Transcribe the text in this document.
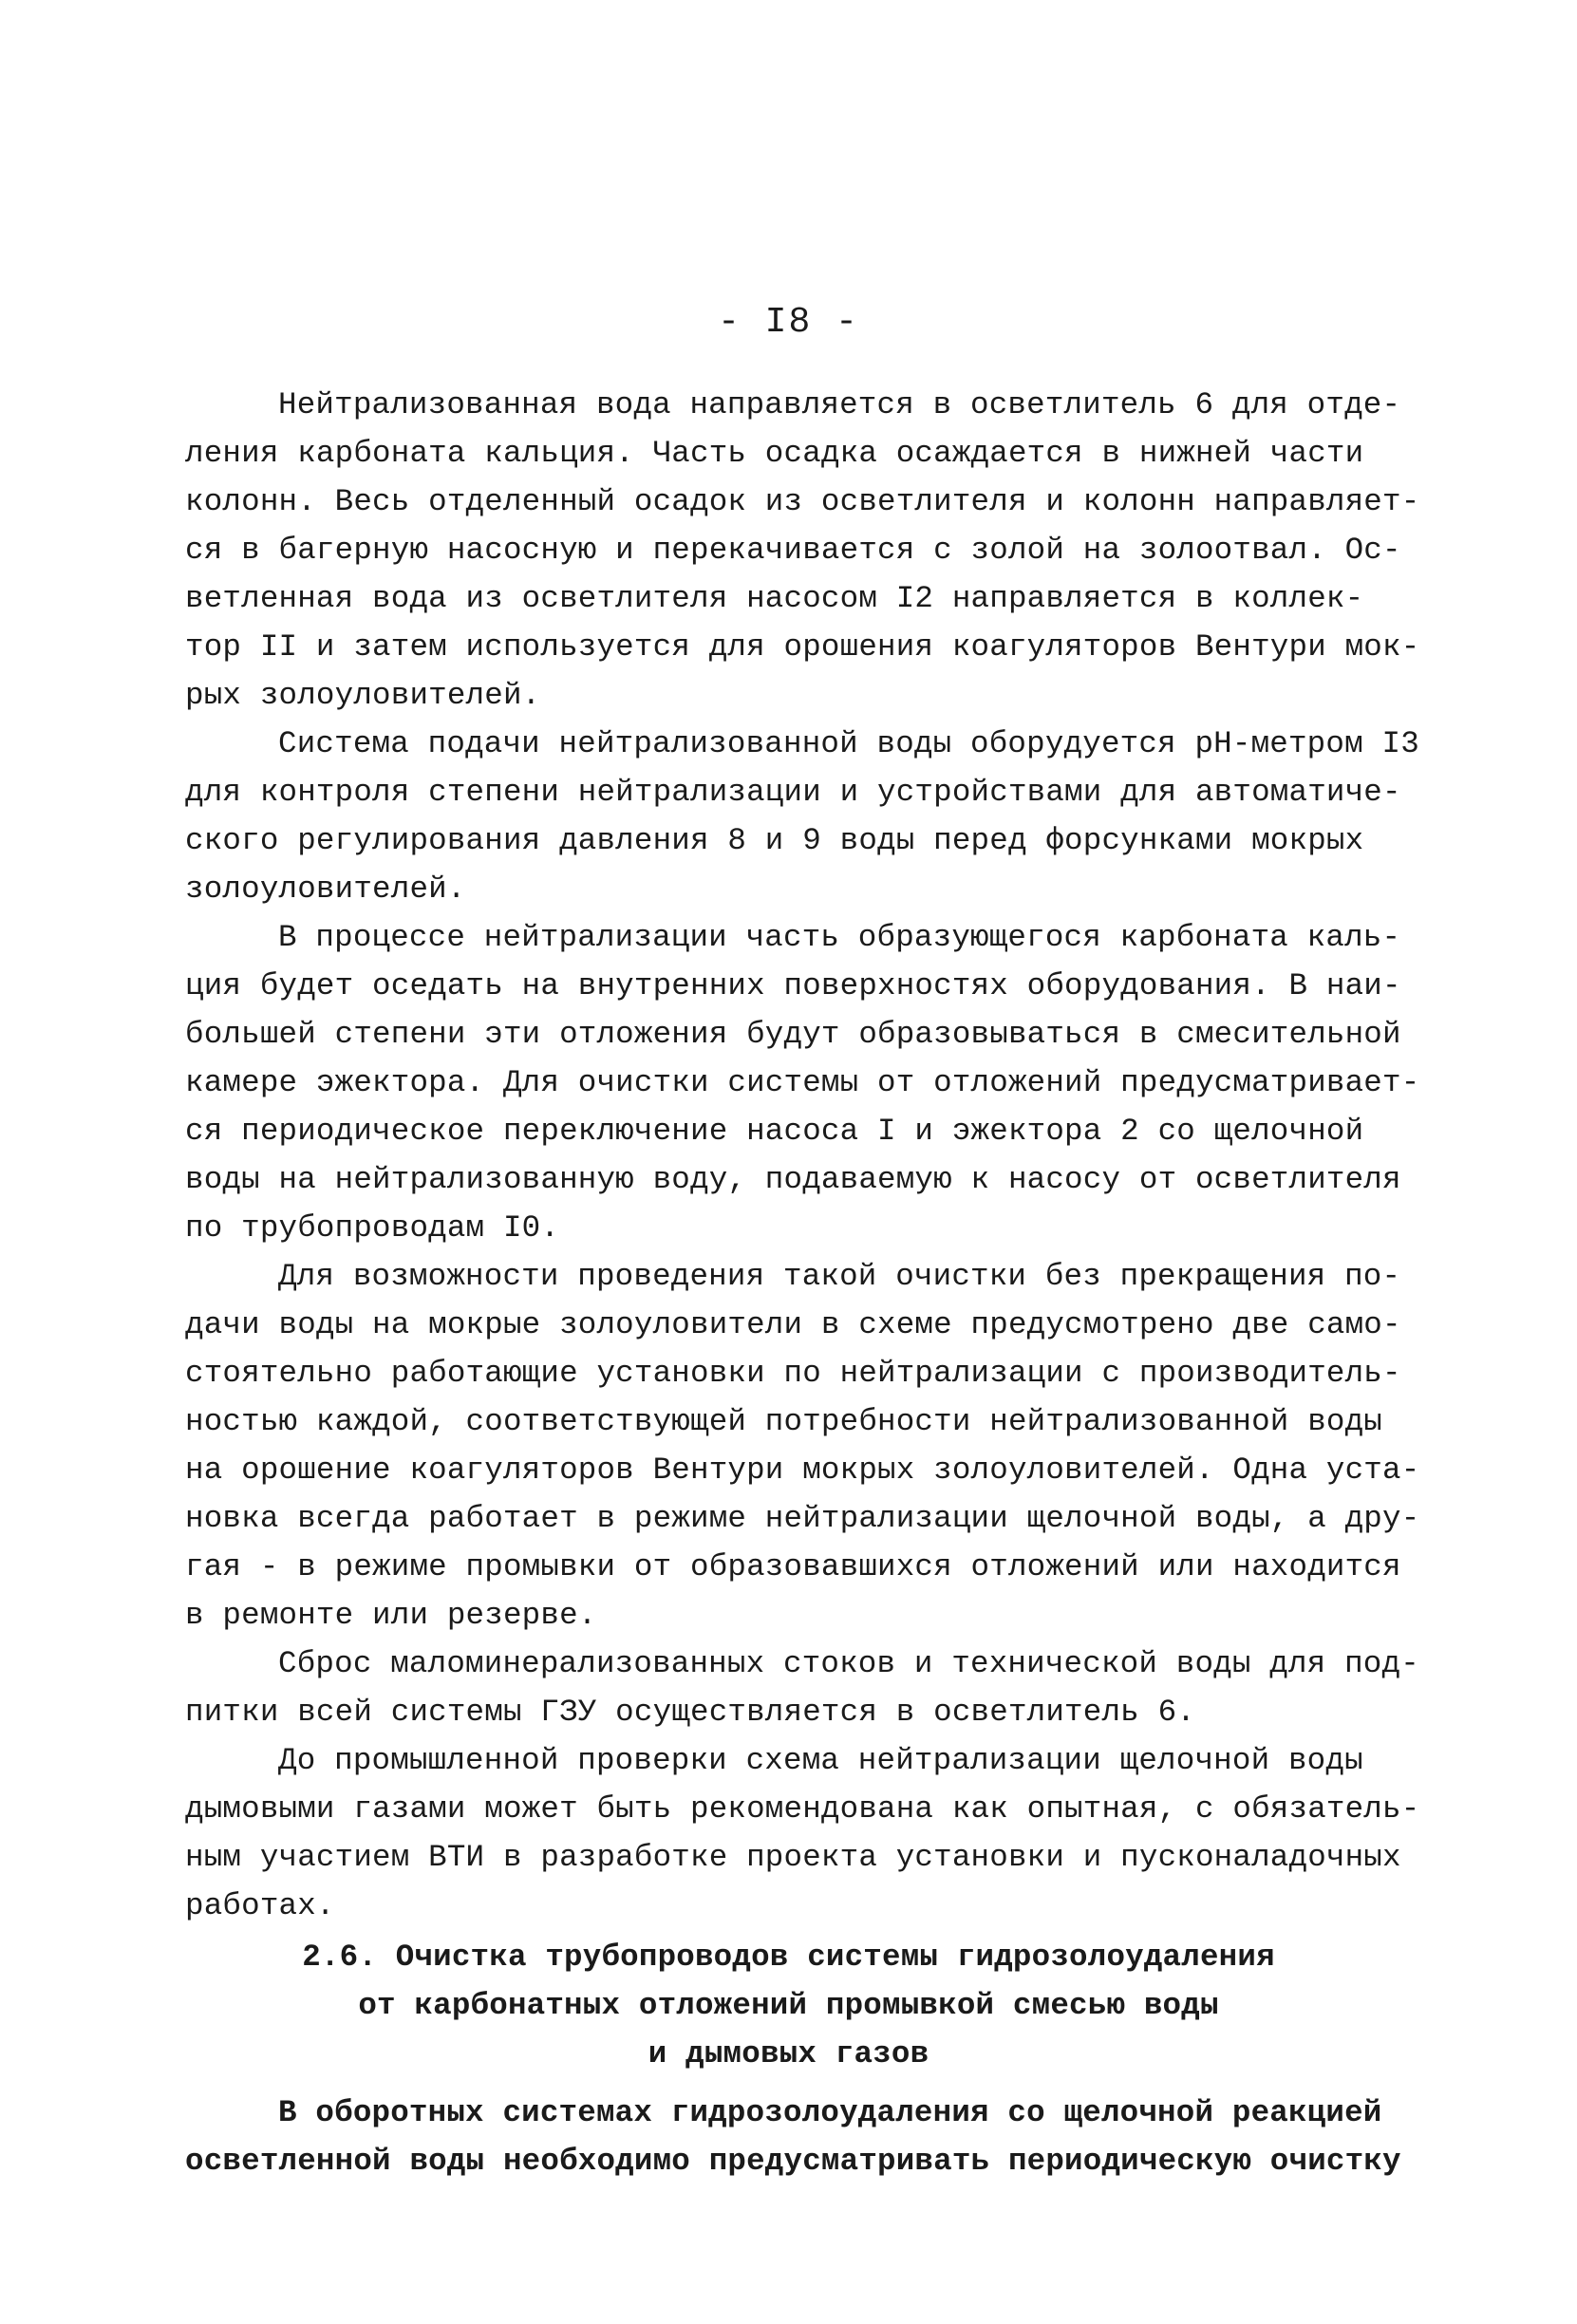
- I8 -
Нейтрализованная вода направляется в осветлитель 6 для отде-
ления карбоната кальция. Часть осадка осаждается в нижней части
колонн. Весь отделенный осадок из осветлителя и колонн направляет-
ся в багерную насосную и перекачивается с золой на золоотвал. Ос-
ветленная вода из осветлителя насосом I2 направляется в коллек-
тор II и затем используется для орошения коагуляторов Вентури мок-
рых золоуловителей.
Система подачи нейтрализованной воды оборудуется рН-метром I3
для контроля степени нейтрализации и устройствами для автоматиче-
ского регулирования давления 8 и 9 воды перед форсунками мокрых
золоуловителей.
В процессе нейтрализации часть образующегося карбоната каль-
ция будет оседать на внутренних поверхностях оборудования. В наи-
большей степени эти отложения будут образовываться в смесительной
камере эжектора. Для очистки системы от отложений предусматривает-
ся периодическое переключение насоса I и эжектора 2 со щелочной
воды на нейтрализованную воду, подаваемую к насосу от осветлителя
по трубопроводам I0.
Для возможности проведения такой очистки без прекращения по-
дачи воды на мокрые золоуловители в схеме предусмотрено две само-
стоятельно работающие установки по нейтрализации с производитель-
ностью каждой, соответствующей потребности нейтрализованной воды
на орошение коагуляторов Вентури мокрых золоуловителей. Одна уста-
новка всегда работает в режиме нейтрализации щелочной воды, а дру-
гая - в режиме промывки от образовавшихся отложений или находится
в ремонте или резерве.
Сброс маломинерализованных стоков и технической воды для под-
питки всей системы ГЗУ осуществляется в осветлитель 6.
До промышленной проверки схема нейтрализации щелочной воды
дымовыми газами может быть рекомендована как опытная, с обязатель-
ным участием ВТИ в разработке проекта установки и пусконаладочных
работах.
2.6. Очистка трубопроводов системы гидрозолоудаления
от карбонатных отложений промывкой смесью воды
и дымовых газов
В оборотных системах гидрозолоудаления со щелочной реакцией
осветленной воды необходимо предусматривать периодическую очистку
